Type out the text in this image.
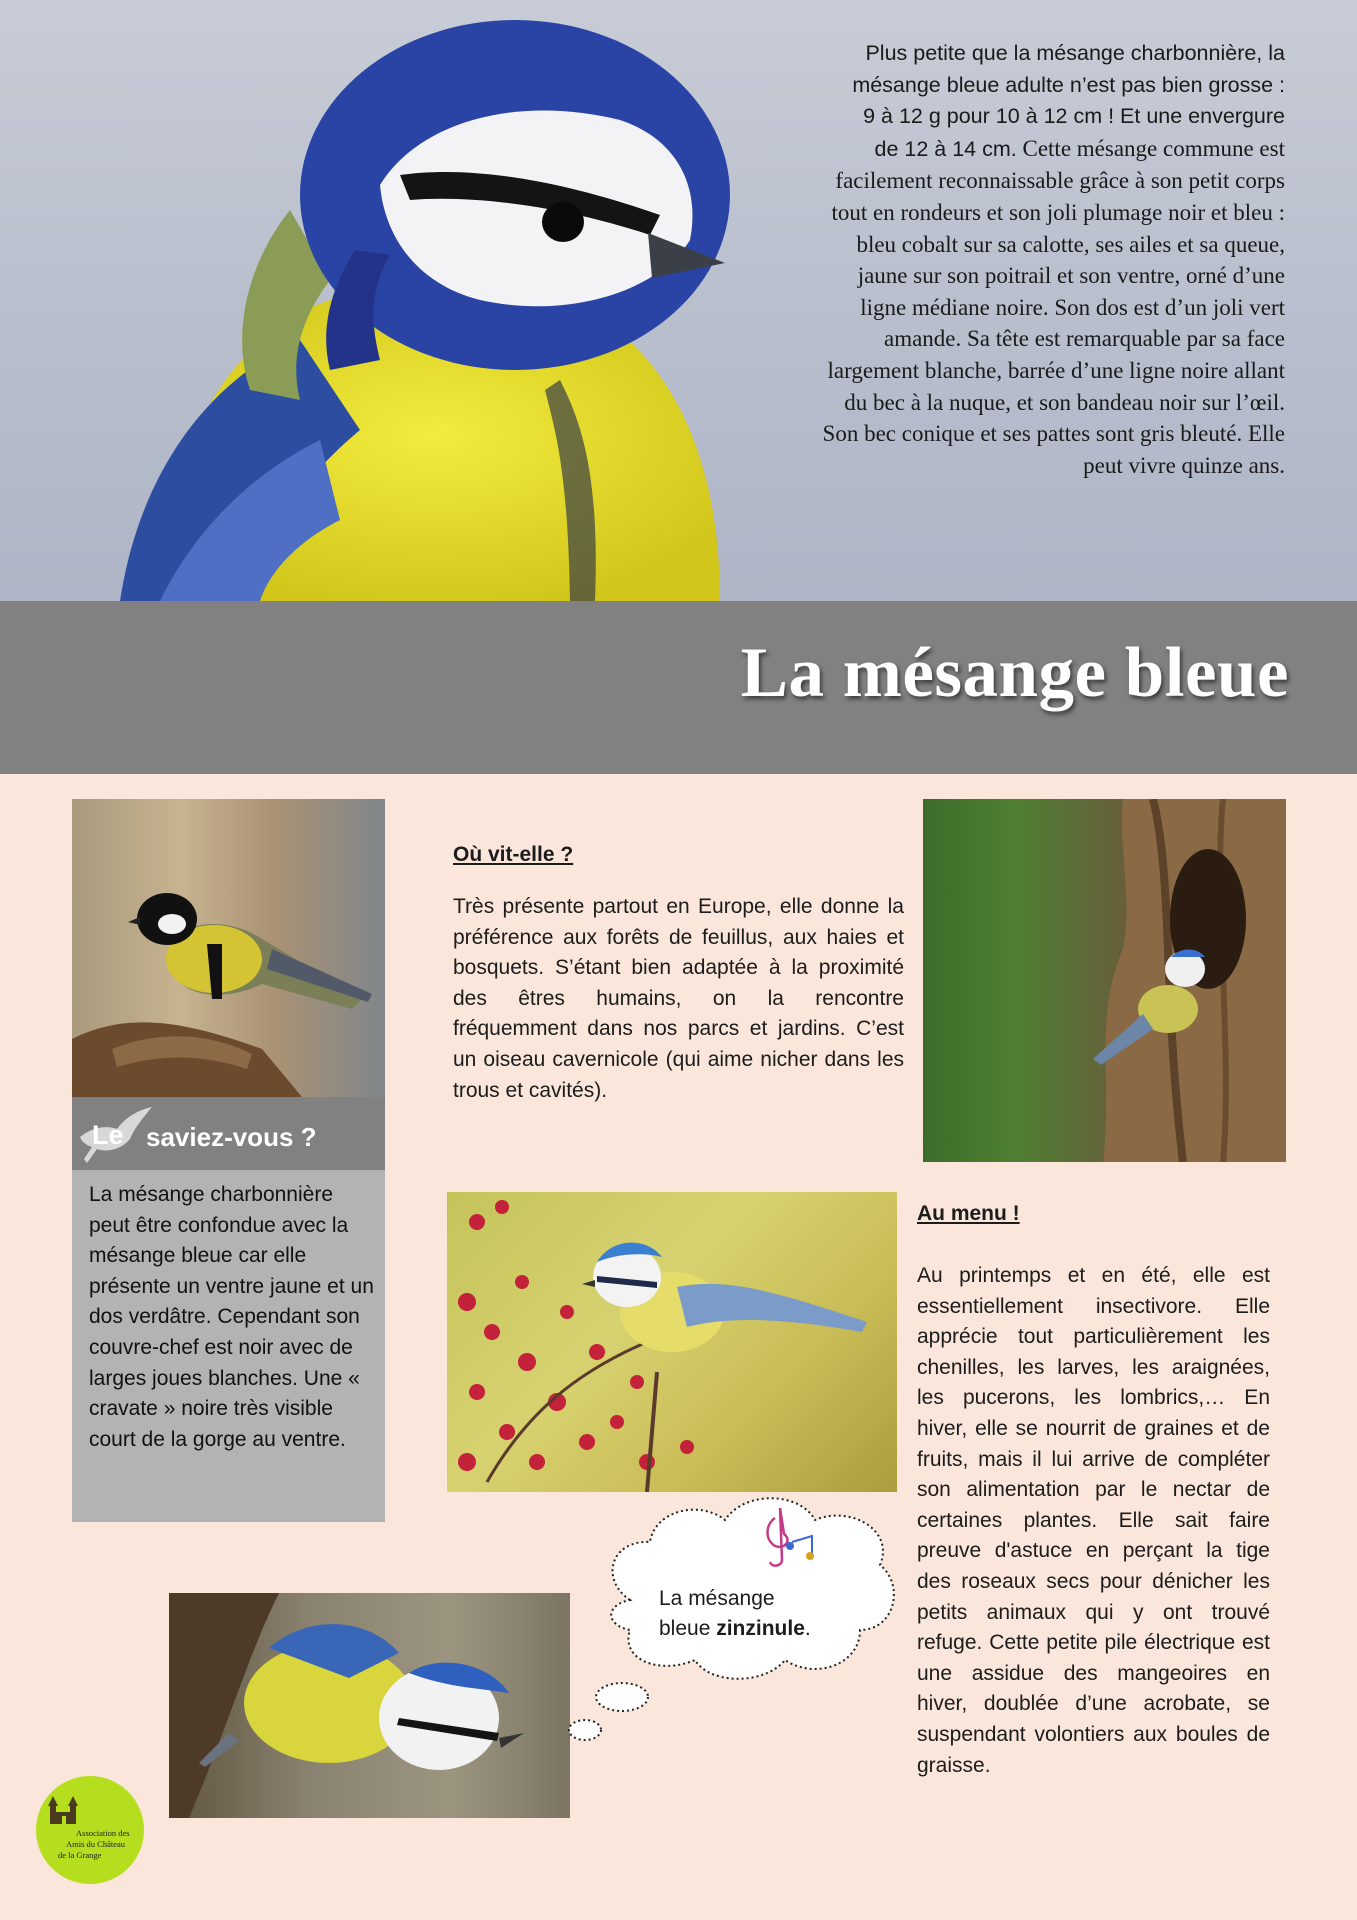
Plus petite que la mésange charbonnière, la
mésange bleue adulte n’est pas bien grosse :
9 à 12 g pour 10 à 12 cm ! Et une envergure
de 12 à 14 cm. Cette mésange commune est facilement reconnaissable grâce à son petit corps tout en rondeurs et son joli plumage noir et bleu : bleu cobalt sur sa calotte, ses ailes et sa queue, jaune sur son poitrail et son ventre, orné d’une ligne médiane noire. Son dos est d’un joli vert amande. Sa tête est remarquable par sa face largement blanche, barrée d’une ligne noire allant du bec à la nuque, et son bandeau noir sur l’œil. Son bec conique et ses pattes sont gris bleuté. Elle peut vivre quinze ans.

La mésange bleue
Le saviez-vous ?

La mésange charbonnière peut être confondue avec la mésange bleue car elle présente un ventre jaune et un dos verdâtre. Cependant son couvre-chef est noir avec de larges joues blanches. Une « cravate » noire très visible court de la gorge au ventre.

Où vit-elle ?

Très présente partout en Europe, elle donne la préférence aux forêts de feuillus, aux haies et bosquets. S’étant bien adaptée à la proximité des êtres humains, on la rencontre fréquemment dans nos parcs et jardins. C’est un oiseau cavernicole (qui aime nicher dans les trous et cavités).

Au menu !

Au printemps et en été, elle est essentiellement insectivore. Elle apprécie tout particulièrement les chenilles, les larves, les araignées, les pucerons, les lombrics,… En hiver, elle se nourrit de graines et de fruits, mais il lui arrive de compléter son alimentation par le nectar de certaines plantes. Elle sait faire preuve d'astuce en perçant la tige des roseaux secs pour dénicher les petits animaux qui y ont trouvé refuge. Cette petite pile électrique est une assidue des mangeoires en hiver, doublée d’une acrobate, se suspendant volontiers aux boules de graisse.

La mésange
bleue zinzinule.
Association des
Amis du Château
de la Grange
